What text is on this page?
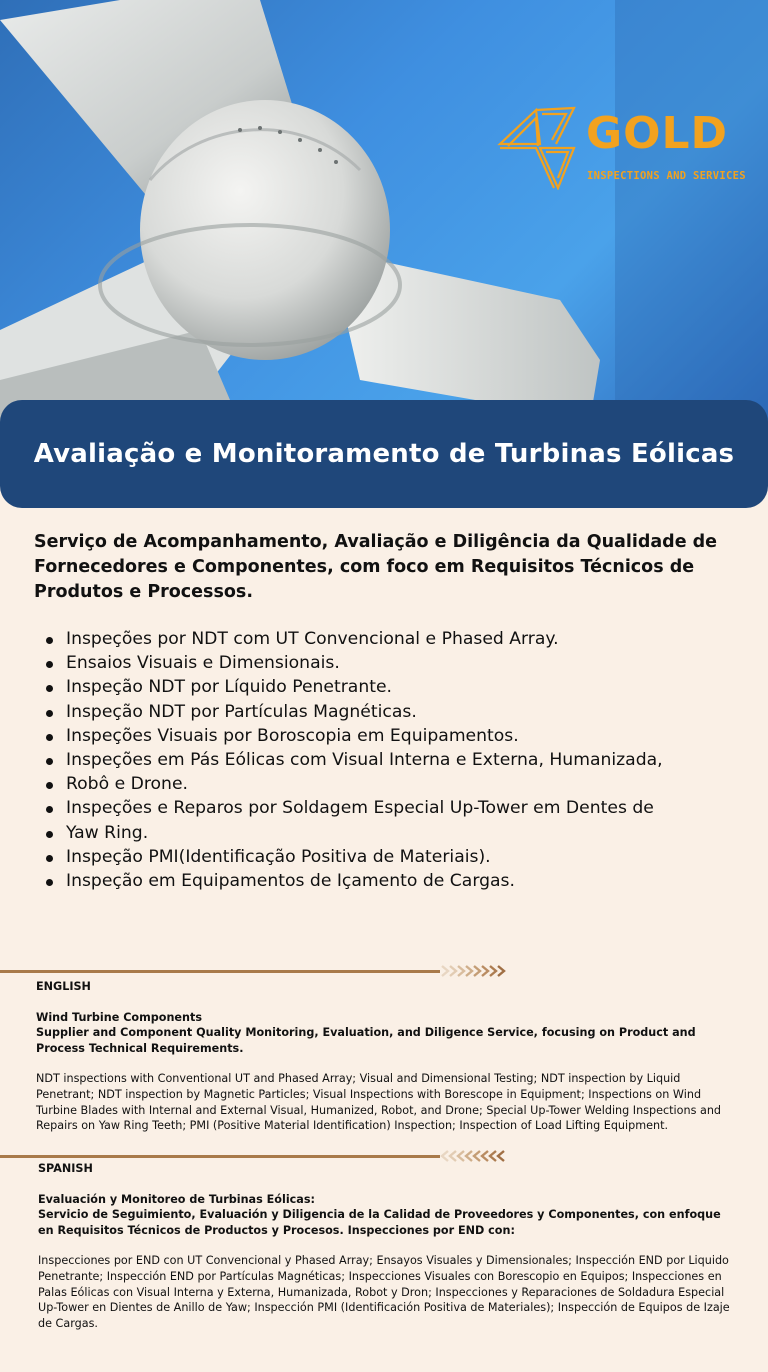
GOLD
INSPECTIONS AND SERVICES
Avaliação e Monitoramento de Turbinas Eólicas

Serviço de Acompanhamento, Avaliação e Diligência da Qualidade de Fornecedores e Componentes, com foco em Requisitos Técnicos de Produtos e Processos.

Inspeções por NDT com UT Convencional e Phased Array.
Ensaios Visuais e Dimensionais.
Inspeção NDT por Líquido Penetrante.
Inspeção NDT por Partículas Magnéticas.
Inspeções Visuais por Boroscopia em Equipamentos.
Inspeções em Pás Eólicas com Visual Interna e Externa, Humanizada,
Robô e Drone.
Inspeções e Reparos por Soldagem Especial Up-Tower em Dentes de
Yaw Ring.
Inspeção PMI(Identificação Positiva de Materiais).
Inspeção em Equipamentos de Içamento de Cargas.
ENGLISH
Wind Turbine Components
Supplier and Component Quality Monitoring, Evaluation, and Diligence Service, focusing on Product and Process Technical Requirements.
NDT inspections with Conventional UT and Phased Array; Visual and Dimensional Testing; NDT inspection by Liquid Penetrant; NDT inspection by Magnetic Particles; Visual Inspections with Borescope in Equipment; Inspections on Wind Turbine Blades with Internal and External Visual, Humanized, Robot, and Drone; Special Up-Tower Welding Inspections and Repairs on Yaw Ring Teeth; PMI (Positive Material Identification) Inspection; Inspection of Load Lifting Equipment.
SPANISH
Evaluación y Monitoreo de Turbinas Eólicas:
Servicio de Seguimiento, Evaluación y Diligencia de la Calidad de Proveedores y Componentes, con enfoque en Requisitos Técnicos de Productos y Procesos. Inspecciones por END con:
Inspecciones por END con UT Convencional y Phased Array; Ensayos Visuales y Dimensionales; Inspección END por Liquido Penetrante; Inspección END por Partículas Magnéticas; Inspecciones Visuales con Borescopio en Equipos; Inspecciones en Palas Eólicas con Visual Interna y Externa, Humanizada, Robot y Dron; Inspecciones y Reparaciones de Soldadura Especial Up-Tower en Dientes de Anillo de Yaw; Inspección PMI (Identificación Positiva de Materiales); Inspección de Equipos de Izaje de Cargas.
